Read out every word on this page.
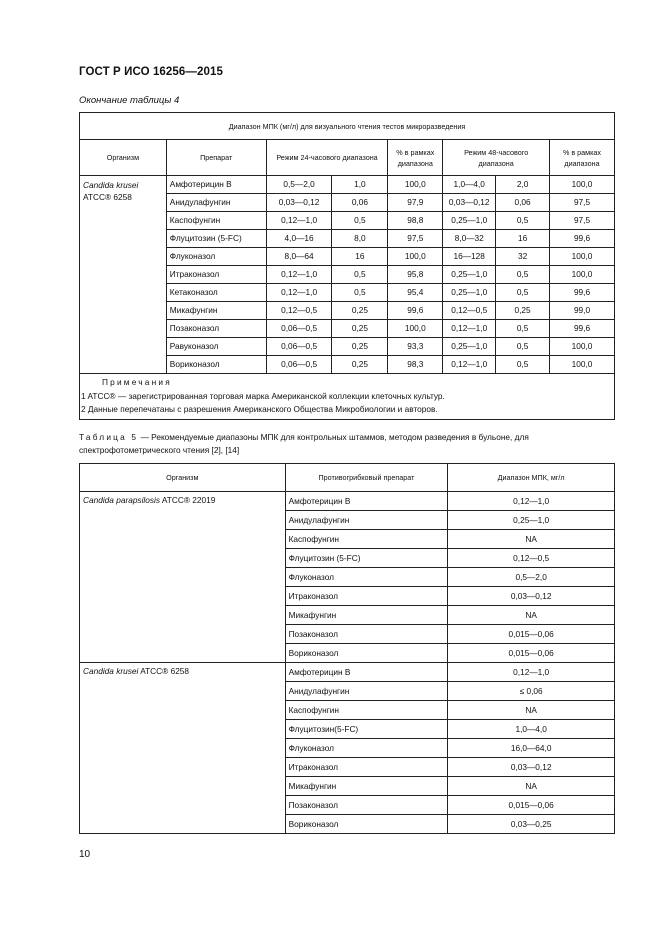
ГОСТ Р ИСО 16256—2015
Окончание таблицы 4
Диапазон МПК (мг/л) для визуального чтения тестов микроразведения							
Организм	Препарат	Режим 24-часового диапазона		% в рамках диапазона	Режим 48-часового диапазона		% в рамках диапазона
Candida krusei
ATCC® 6258	Амфотерицин В	0,5—2,0	1,0	100,0	1,0—4,0	2,0	100,0
	Анидулафунгин	0,03—0,12	0,06	97,9	0,03—0,12	0,06	97,5
	Каспофунгин	0,12—1,0	0,5	98,8	0,25—1,0	0,5	97,5
	Флуцитозин (5-FC)	4,0—16	8,0	97,5	8,0—32	16	99,6
	Флуконазол	8,0—64	16	100,0	16—128	32	100,0
	Итраконазол	0,12—1,0	0,5	95,8	0,25—1,0	0,5	100,0
	Кетаконазол	0,12—1,0	0,5	95,4	0,25—1,0	0,5	99,6
	Микафунгин	0,12—0,5	0,25	99,6	0,12—0,5	0,25	99,0
	Позаконазол	0,06—0,5	0,25	100,0	0,12—1,0	0,5	99,6
	Равуконазол	0,06—0,5	0,25	93,3	0,25—1,0	0,5	100,0
	Вориконазол	0,06—0,5	0,25	98,3	0,12—1,0	0,5	100,0

Примечания
1 ATCC® — зарегистрированная торговая марка Американской коллекции клеточных культур.
2 Данные перепечатаны с разрешения Американского Общества Микробиологии и авторов.							
Таблица 5 — Рекомендуемые диапазоны МПК для контрольных штаммов, методом разведения в бульоне, для спектрофотометрического чтения [2], [14]
Организм	Противогрибковый препарат	Диапазон МПК, мг/л
Candida parapsilosis ATCC® 22019	Амфотерицин В	0,12—1,0
	Анидулафунгин	0,25—1,0
	Каспофунгин	NA
	Флуцитозин (5-FC)	0,12—0,5
	Флуконазол	0,5—2,0
	Итраконазол	0,03—0,12
	Микафунгин	NA
	Позаконазол	0,015—0,06
	Вориконазол	0,015—0,06
Candida krusei ATCC® 6258	Амфотерицин В	0,12—1,0
	Анидулафунгин	≤ 0,06
	Каспофунгин	NA
	Флуцитозин(5-FC)	1,0—4,0
	Флуконазол	16,0—64,0
	Итраконазол	0,03—0,12
	Микафунгин	NA
	Позаконазол	0,015—0,06
	Вориконазол	0,03—0,25
10
